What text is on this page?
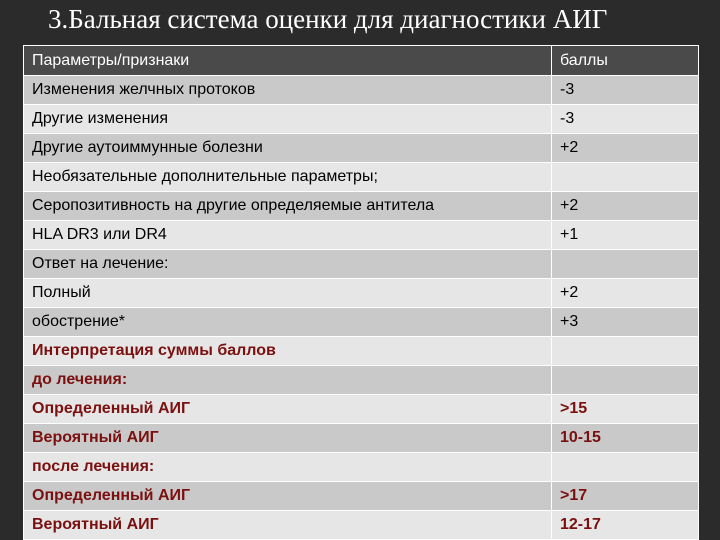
3.Бальная система оценки для диагностики АИГ
Параметры/признаки	баллы
Изменения желчных протоков	-3
Другие изменения	-3
Другие аутоиммунные болезни	+2
Необязательные дополнительные параметры;	
Серопозитивность на другие определяемые антитела	+2
HLA DR3 или DR4	+1
Ответ на лечение:	
Полный	+2
обострение*	+3
Интерпретация суммы баллов	
до лечения:	
Определенный АИГ	>15
Вероятный АИГ	10-15
после лечения:	
Определенный АИГ	>17
Вероятный АИГ	12-17
